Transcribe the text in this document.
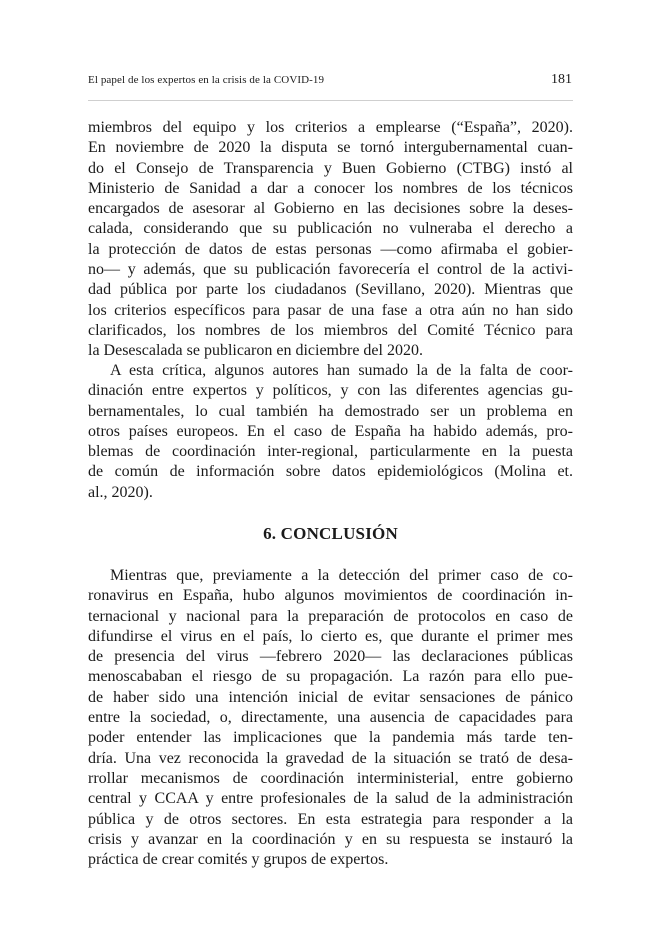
El papel de los expertos en la crisis de la COVID-19	181
miembros del equipo y los criterios a emplearse (“España”, 2020).
En noviembre de 2020 la disputa se tornó intergubernamental cuan-
do el Consejo de Transparencia y Buen Gobierno (CTBG) instó al
Ministerio de Sanidad a dar a conocer los nombres de los técnicos
encargados de asesorar al Gobierno en las decisiones sobre la deses-
calada, considerando que su publicación no vulneraba el derecho a
la protección de datos de estas personas —como afirmaba el gobier-
no— y además, que su publicación favorecería el control de la activi-
dad pública por parte los ciudadanos (Sevillano, 2020). Mientras que
los criterios específicos para pasar de una fase a otra aún no han sido
clarificados, los nombres de los miembros del Comité Técnico para
la Desescalada se publicaron en diciembre del 2020.
A esta crítica, algunos autores han sumado la de la falta de coor-
dinación entre expertos y políticos, y con las diferentes agencias gu-
bernamentales, lo cual también ha demostrado ser un problema en
otros países europeos. En el caso de España ha habido además, pro-
blemas de coordinación inter-regional, particularmente en la puesta
de común de información sobre datos epidemiológicos (Molina et.
al., 2020).
6. CONCLUSIÓN
Mientras que, previamente a la detección del primer caso de co-
ronavirus en España, hubo algunos movimientos de coordinación in-
ternacional y nacional para la preparación de protocolos en caso de
difundirse el virus en el país, lo cierto es, que durante el primer mes
de presencia del virus —febrero 2020— las declaraciones públicas
menoscababan el riesgo de su propagación. La razón para ello pue-
de haber sido una intención inicial de evitar sensaciones de pánico
entre la sociedad, o, directamente, una ausencia de capacidades para
poder entender las implicaciones que la pandemia más tarde ten-
dría. Una vez reconocida la gravedad de la situación se trató de desa-
rrollar mecanismos de coordinación interministerial, entre gobierno
central y CCAA y entre profesionales de la salud de la administración
pública y de otros sectores. En esta estrategia para responder a la
crisis y avanzar en la coordinación y en su respuesta se instauró la
práctica de crear comités y grupos de expertos.
